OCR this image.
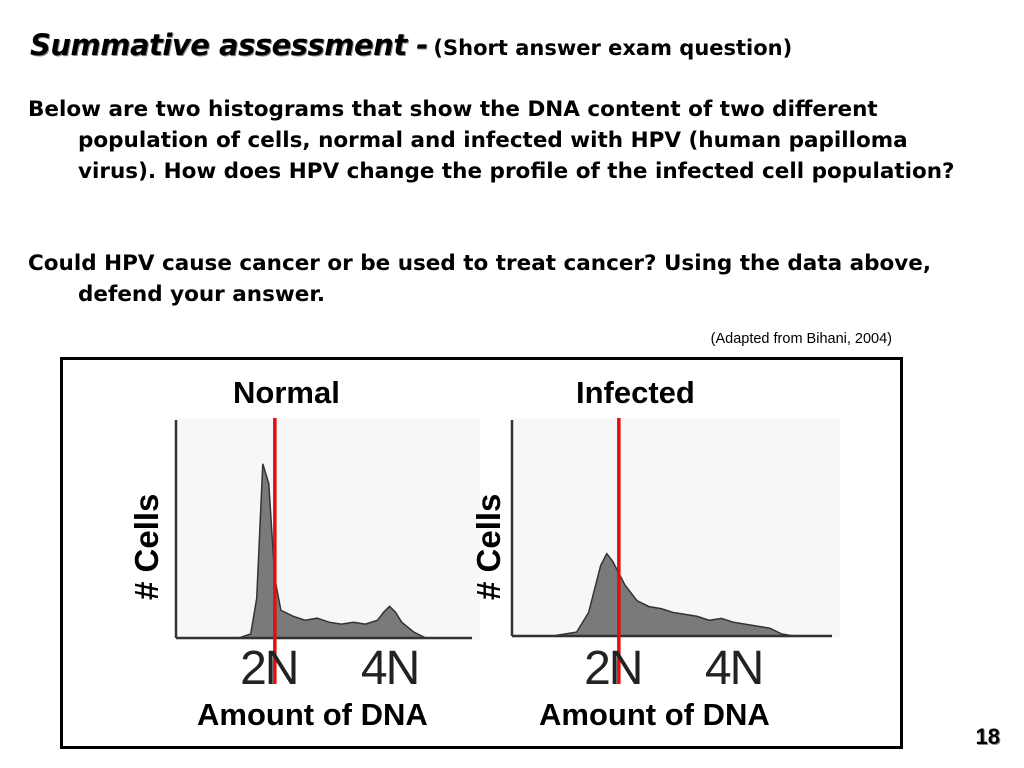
Summative assessment - (Short answer exam question)
Below are two histograms that show the DNA content of two different population of cells, normal and infected with HPV (human papilloma virus). How does HPV change the profile of the infected cell population?
Could HPV cause cancer or be used to treat cancer? Using the data above, defend your answer.
(Adapted from Bihani, 2004)
Normal
# Cells
2N 4N
Amount of DNA
Infected
# Cells
2N 4N
Amount of DNA
18
